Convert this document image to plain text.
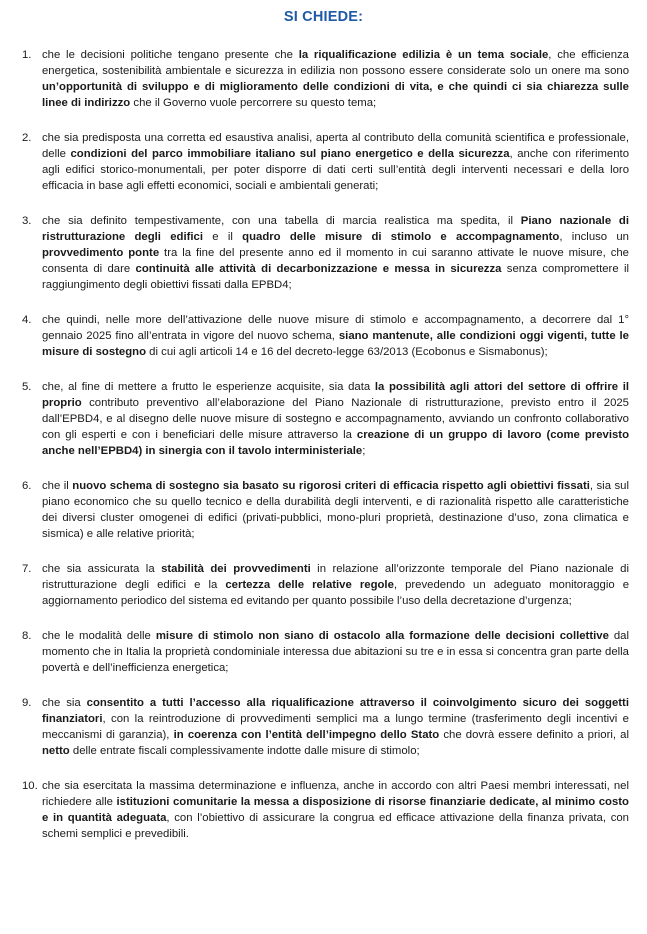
SI CHIEDE:
1. che le decisioni politiche tengano presente che la riqualificazione edilizia è un tema sociale, che efficienza energetica, sostenibilità ambientale e sicurezza in edilizia non possono essere considerate solo un onere ma sono un’opportunità di sviluppo e di miglioramento delle condizioni di vita, e che quindi ci sia chiarezza sulle linee di indirizzo che il Governo vuole percorrere su questo tema;
2. che sia predisposta una corretta ed esaustiva analisi, aperta al contributo della comunità scientifica e professionale, delle condizioni del parco immobiliare italiano sul piano energetico e della sicurezza, anche con riferimento agli edifici storico-monumentali, per poter disporre di dati certi sull’entità degli interventi necessari e della loro efficacia in base agli effetti economici, sociali e ambientali generati;
3. che sia definito tempestivamente, con una tabella di marcia realistica ma spedita, il Piano nazionale di ristrutturazione degli edifici e il quadro delle misure di stimolo e accompagnamento, incluso un provvedimento ponte tra la fine del presente anno ed il momento in cui saranno attivate le nuove misure, che consenta di dare continuità alle attività di decarbonizzazione e messa in sicurezza senza compromettere il raggiungimento degli obiettivi fissati dalla EPBD4;
4. che quindi, nelle more dell’attivazione delle nuove misure di stimolo e accompagnamento, a decorrere dal 1° gennaio 2025 fino all’entrata in vigore del nuovo schema, siano mantenute, alle condizioni oggi vigenti, tutte le misure di sostegno di cui agli articoli 14 e 16 del decreto-legge 63/2013 (Ecobonus e Sismabonus);
5. che, al fine di mettere a frutto le esperienze acquisite, sia data la possibilità agli attori del settore di offrire il proprio contributo preventivo all’elaborazione del Piano Nazionale di ristrutturazione, previsto entro il 2025 dall’EPBD4, e al disegno delle nuove misure di sostegno e accompagnamento, avviando un confronto collaborativo con gli esperti e con i beneficiari delle misure attraverso la creazione di un gruppo di lavoro (come previsto anche nell’EPBD4) in sinergia con il tavolo interministeriale;
6. che il nuovo schema di sostegno sia basato su rigorosi criteri di efficacia rispetto agli obiettivi fissati, sia sul piano economico che su quello tecnico e della durabilità degli interventi, e di razionalità rispetto alle caratteristiche dei diversi cluster omogenei di edifici (privati-pubblici, mono-pluri proprietà, destinazione d’uso, zona climatica e sismica) e alle relative priorità;
7. che sia assicurata la stabilità dei provvedimenti in relazione all’orizzonte temporale del Piano nazionale di ristrutturazione degli edifici e la certezza delle relative regole, prevedendo un adeguato monitoraggio e aggiornamento periodico del sistema ed evitando per quanto possibile l’uso della decretazione d’urgenza;
8. che le modalità delle misure di stimolo non siano di ostacolo alla formazione delle decisioni collettive dal momento che in Italia la proprietà condominiale interessa due abitazioni su tre e in essa si concentra gran parte della povertà e dell’inefficienza energetica;
9. che sia consentito a tutti l’accesso alla riqualificazione attraverso il coinvolgimento sicuro dei soggetti finanziatori, con la reintroduzione di provvedimenti semplici ma a lungo termine (trasferimento degli incentivi e meccanismi di garanzia), in coerenza con l’entità dell’impegno dello Stato che dovrà essere definito a priori, al netto delle entrate fiscali complessivamente indotte dalle misure di stimolo;
10. che sia esercitata la massima determinazione e influenza, anche in accordo con altri Paesi membri interessati, nel richiedere alle istituzioni comunitarie la messa a disposizione di risorse finanziarie dedicate, al minimo costo e in quantità adeguata, con l’obiettivo di assicurare la congrua ed efficace attivazione della finanza privata, con schemi semplici e prevedibili.
